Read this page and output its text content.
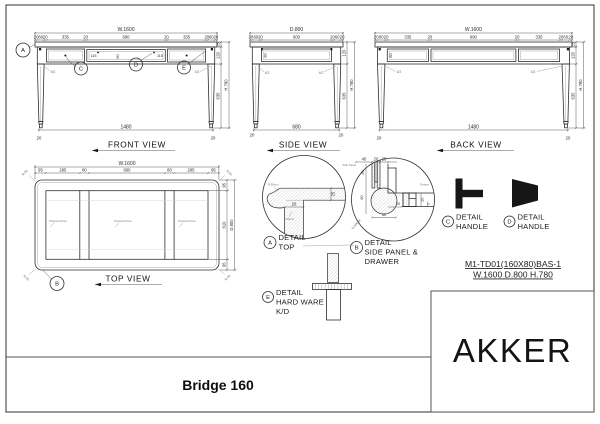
W.1600
20 60 20	335	20	690	20	335	20 60 20
25
120
635
H.780
1480
20	20
115	50	115
4/2	4/2
A
C
D	E
FRONT VIEW
D.800
20 60 20	600	20 60 20
120
635
H.780
80
680
20	20
4/2	4/2
SIDE VIEW
W.1600
20 60 20	335	20	690	20	335	20 60 20
25
120
635
H.780
80
1480
20	20
4/2	4/2
BACK VIEW
Plywood 9mm	Plywood 9mm	Plywood 9mm
W.1600
95	295	80	660	80	295	95
95
610
95
D.800
R.50	R.50
R.50	R.50
B
TOP VIEW
25
20
R.50mm
3.50mm
A
DETAIL
TOP
40 20 20
20
60
60
20
20
5
R.50MM
Side Panel
Drawer
B
DETAIL
SIDE PANEL &
DRAWER
C
DETAIL
HANDLE	D
DETAIL
HANDLE
E
DETAIL
HARD WARE
K/D
M1-TD01(160X80)BAS-1
W.1600 D.800 H.780
Bridge 160
AKKER
